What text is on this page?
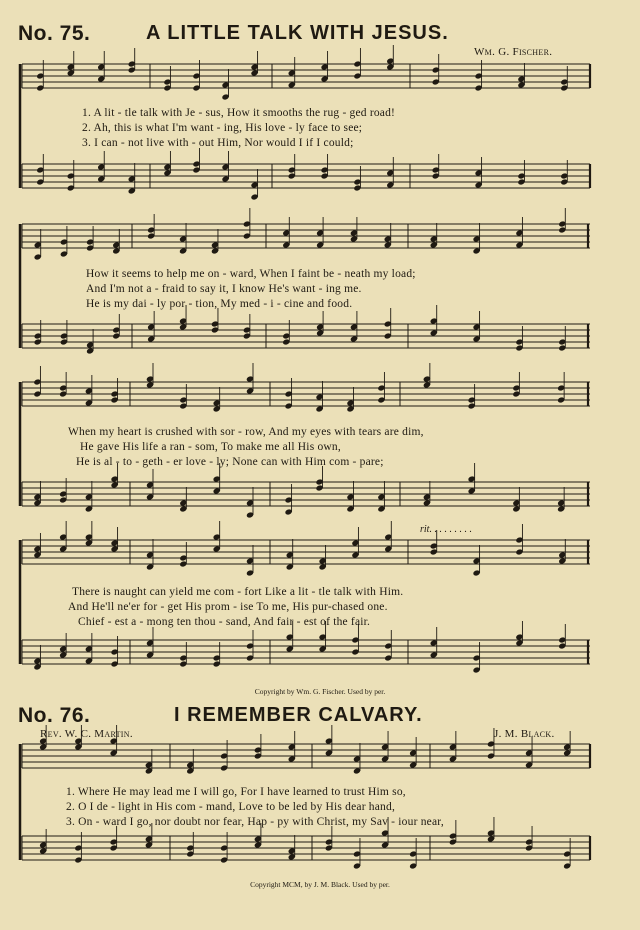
No. 75.	A LITTLE TALK WITH JESUS.
Wm. G. Fischer.
1. A lit - tle talk with Je - sus, How it smooths the rug - ged road!
2. Ah, this is what I'm want - ing, His love - ly face to see;
3. I can - not live with - out Him, Nor would I if I could;
How it seems to help me on - ward, When I faint be - neath my load;
And I'm not a - fraid to say it, I know He's want - ing me.
He is my dai - ly por - tion, My med - i - cine and food.
When my heart is crushed with sor - row, And my eyes with tears are dim,
He gave His life a ran - som, To make me all His own,
He is al - to - geth - er love - ly; None can with Him com - pare;
rit. . . . . . . . .
There is naught can yield me com - fort Like a lit - tle talk with Him.
And He'll ne'er for - get His prom - ise To me, His pur-chased one.
Chief - est a - mong ten thou - sand, And fair - est of the fair.
Copyright by Wm. G. Fischer. Used by per.
No. 76.	I REMEMBER CALVARY.
Rev. W. C. Martin.	J. M. Black.
1. Where He may lead me I will go, For I have learned to trust Him so,
2. O I de - light in His com - mand, Love to be led by His dear hand,
3. On - ward I go, nor doubt nor fear, Hap - py with Christ, my Sav - iour near,
Copyright MCM, by J. M. Black. Used by per.
